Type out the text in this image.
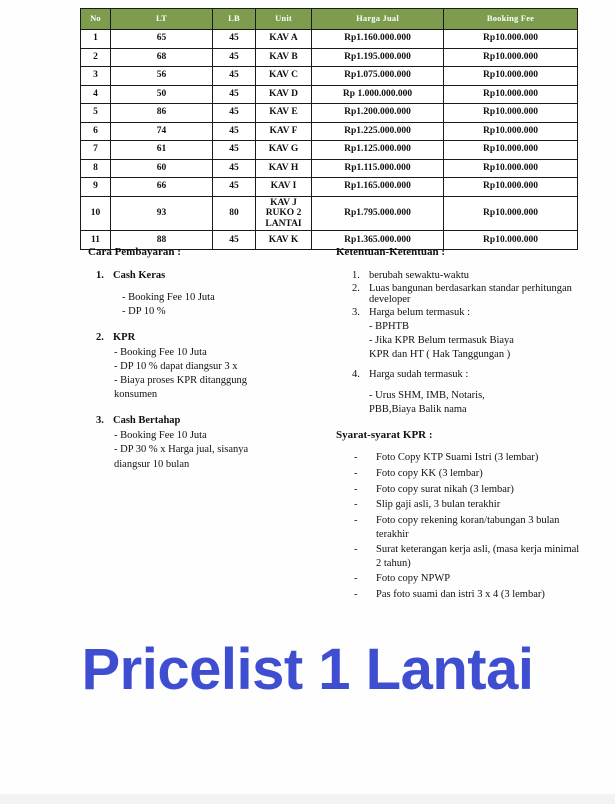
No	LT	LB	Unit	Harga Jual	Booking Fee
1	65	45	KAV A	Rp1.160.000.000	Rp10.000.000
2	68	45	KAV B	Rp1.195.000.000	Rp10.000.000
3	56	45	KAV C	Rp1.075.000.000	Rp10.000.000
4	50	45	KAV D	Rp 1.000.000.000	Rp10.000.000
5	86	45	KAV E	Rp1.200.000.000	Rp10.000.000
6	74	45	KAV F	Rp1.225.000.000	Rp10.000.000
7	61	45	KAV G	Rp1.125.000.000	Rp10.000.000
8	60	45	KAV H	Rp1.115.000.000	Rp10.000.000
9	66	45	KAV I	Rp1.165.000.000	Rp10.000.000
10	93	80	KAV J
RUKO 2
LANTAI	Rp1.795.000.000	Rp10.000.000
11	88	45	KAV K	Rp1.365.000.000	Rp10.000.000
Cara Pembayaran :
1. Cash Keras
- Booking Fee 10 Juta
- DP 10 %
2. KPR
- Booking Fee 10 Juta
- DP 10 % dapat diangsur 3 x
- Biaya proses KPR ditanggung
konsumen
3. Cash Bertahap
- Booking Fee 10 Juta
- DP 30 % x Harga jual, sisanya
diangsur 10 bulan
Ketentuan-Ketentuan :
1. berubah sewaktu-waktu
2. Luas bangunan berdasarkan standar perhitungan developer
3. Harga belum termasuk :
- BPHTB
- Jika KPR Belum termasuk Biaya
KPR dan HT ( Hak Tanggungan )
4. Harga sudah termasuk :
- Urus SHM, IMB, Notaris,
PBB,Biaya Balik nama
Syarat-syarat KPR :
-	Foto Copy KTP Suami Istri (3 lembar)
-	Foto copy KK (3 lembar)
-	Foto copy surat nikah (3 lembar)
-	Slip gaji asli, 3 bulan terakhir
-	Foto copy rekening koran/tabungan 3 bulan terakhir
-	Surat keterangan kerja asli, (masa kerja minimal 2 tahun)
-	Foto copy NPWP
-	Pas foto suami dan istri 3 x 4 (3 lembar)
Pricelist 1 Lantai
